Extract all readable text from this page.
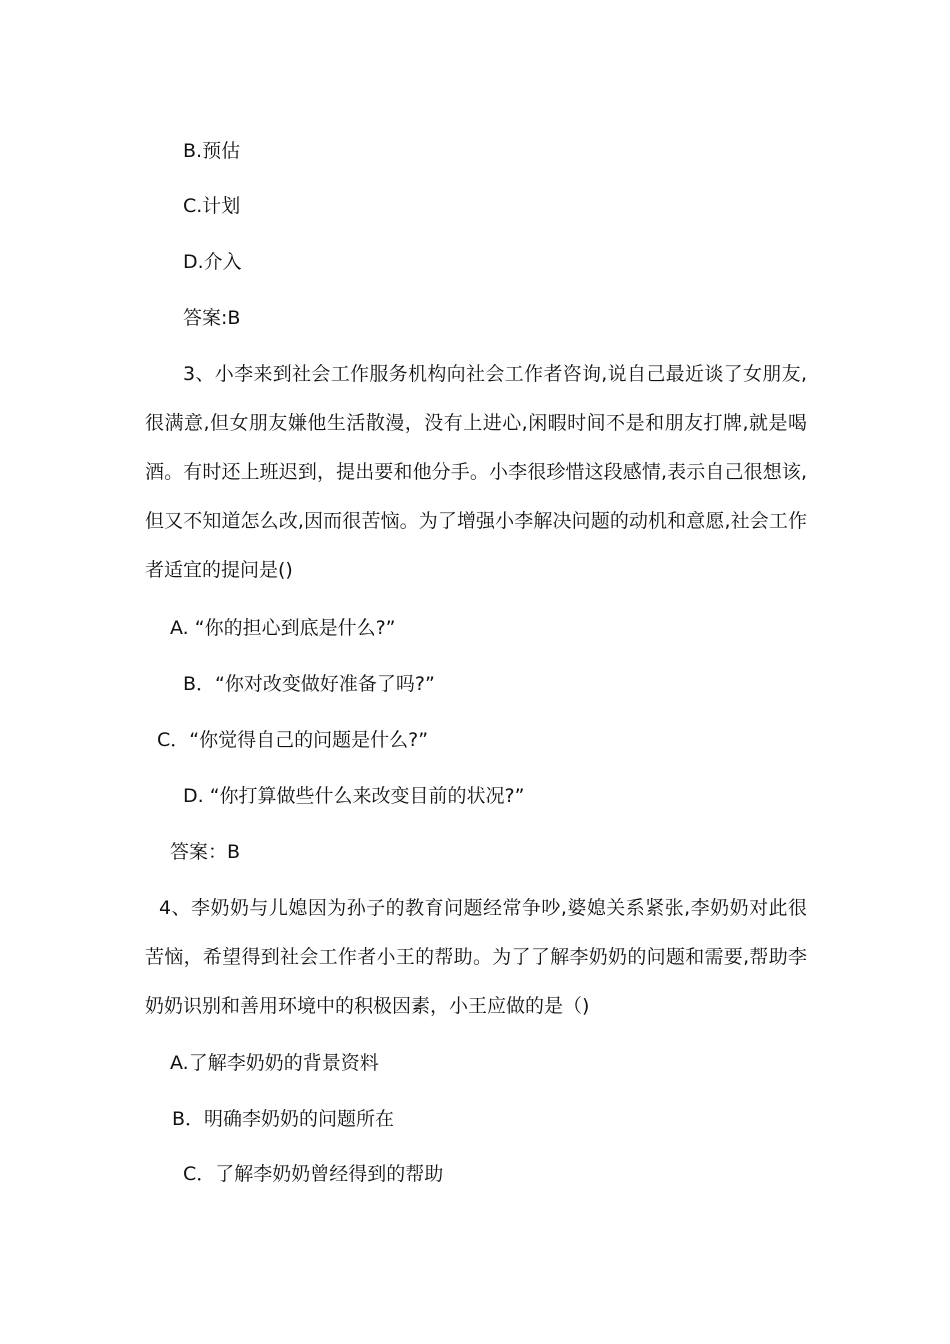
B.预估
C.计划
D.介入
答案:B
3、小李来到社会工作服务机构向社会工作者咨询,说自己最近谈了女朋友,很满意,但女朋友嫌他生活散漫，没有上进心,闲暇时间不是和朋友打牌,就是喝酒。有时还上班迟到，提出要和他分手。小李很珍惜这段感情,表示自己很想该,但又不知道怎么改,因而很苦恼。为了增强小李解决问题的动机和意愿,社会工作者适宜的提问是()
A. “你的担心到底是什么?”
B．“你对改变做好准备了吗?”
C．“你觉得自己的问题是什么?”
D. “你打算做些什么来改变目前的状况?”
答案：B
4、李奶奶与儿媳因为孙子的教育问题经常争吵,婆媳关系紧张,李奶奶对此很苦恼，希望得到社会工作者小王的帮助。为了了解李奶奶的问题和需要,帮助李奶奶识别和善用环境中的积极因素，小王应做的是（)
A.了解李奶奶的背景资料
B．明确李奶奶的问题所在
C．了解李奶奶曾经得到的帮助
